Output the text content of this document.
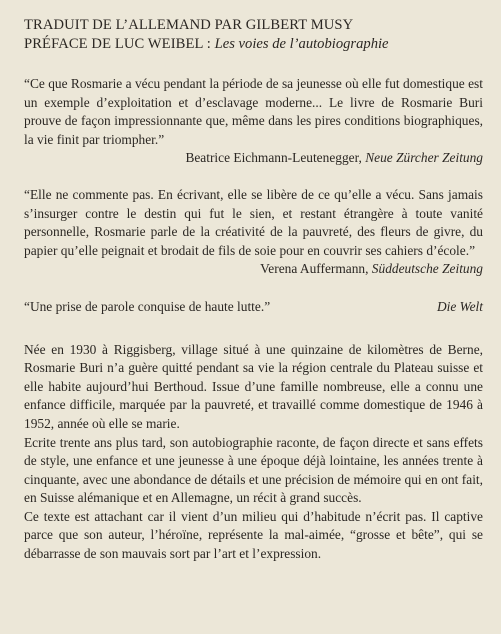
TRADUIT DE L’ALLEMAND PAR GILBERT MUSY
PRÉFACE DE LUC WEIBEL : Les voies de l’autobiographie

“Ce que Rosmarie a vécu pendant la période de sa jeunesse où elle fut domestique est un exemple d’exploitation et d’esclavage moderne... Le livre de Rosmarie Buri prouve de façon impressionnante que, même dans les pires conditions biographiques, la vie finit par triompher.”

Beatrice Eichmann-Leutenegger, Neue Zürcher Zeitung

“Elle ne commente pas. En écrivant, elle se libère de ce qu’elle a vécu. Sans jamais s’insurger contre le destin qui fut le sien, et restant étrangère à toute vanité personnelle, Rosmarie parle de la créativité de la pauvreté, des fleurs de givre, du papier qu’elle peignait et brodait de fils de soie pour en couvrir ses cahiers d’école.”

Verena Auffermann, Süddeutsche Zeitung
“Une prise de parole conquise de haute lutte.”	Die Welt

Née en 1930 à Riggisberg, village situé à une quinzaine de kilomètres de Berne, Rosmarie Buri n’a guère quitté pendant sa vie la région centrale du Plateau suisse et elle habite aujourd’hui Berthoud. Issue d’une famille nombreuse, elle a connu une enfance difficile, marquée par la pauvreté, et travaillé comme domestique de 1946 à 1952, année où elle se marie.

Ecrite trente ans plus tard, son autobiographie raconte, de façon directe et sans effets de style, une enfance et une jeunesse à une époque déjà lointaine, les années trente à cinquante, avec une abondance de détails et une précision de mémoire qui en ont fait, en Suisse alémanique et en Allemagne, un récit à grand succès.

Ce texte est attachant car il vient d’un milieu qui d’habitude n’écrit pas. Il captive parce que son auteur, l’héroïne, représente la mal-aimée, “grosse et bête”, qui se débarrasse de son mauvais sort par l’art et l’expression.
